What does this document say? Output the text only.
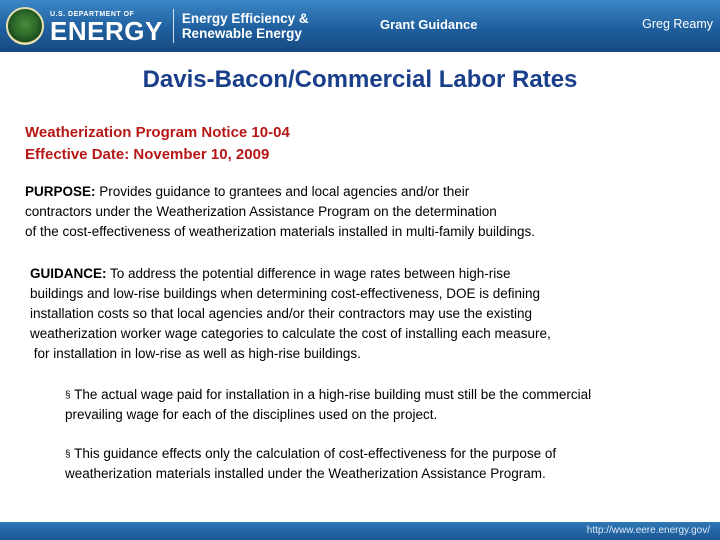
U.S. DEPARTMENT OF
ENERGY Energy Efficiency &
Renewable Energy
Grant Guidance	Greg Reamy
Davis-Bacon/Commercial Labor Rates
Weatherization Program Notice 10-04
Effective Date: November 10, 2009
PURPOSE: Provides guidance to grantees and local agencies and/or their
contractors under the Weatherization Assistance Program on the determination
of the cost-effectiveness of weatherization materials installed in multi-family buildings.
GUIDANCE: To address the potential difference in wage rates between high-rise
buildings and low-rise buildings when determining cost-effectiveness, DOE is defining
installation costs so that local agencies and/or their contractors may use the existing
weatherization worker wage categories to calculate the cost of installing each measure,
for installation in low-rise as well as high-rise buildings.
§ The actual wage paid for installation in a high-rise building must still be the commercial
prevailing wage for each of the disciplines used on the project.
§ This guidance effects only the calculation of cost-effectiveness for the purpose of
weatherization materials installed under the Weatherization Assistance Program.
http://www.eere.energy.gov/
